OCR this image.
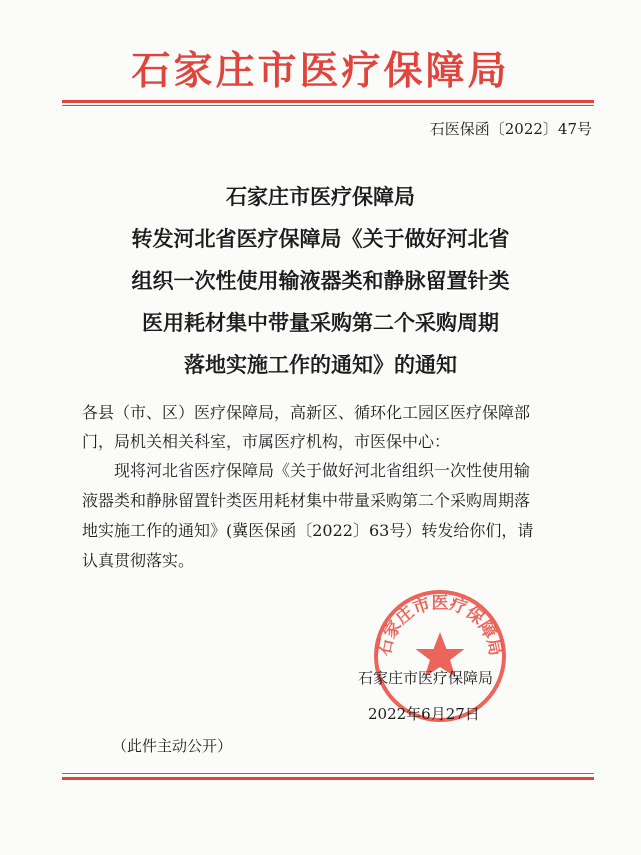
石家庄市医疗保障局
石医保函〔2022〕47号
石家庄市医疗保障局
转发河北省医疗保障局《关于做好河北省
组织一次性使用输液器类和静脉留置针类
医用耗材集中带量采购第二个采购周期
落地实施工作的通知》的通知
各县（市、区）医疗保障局，高新区、循环化工园区医疗保障部
门，局机关相关科室，市属医疗机构，市医保中心：
现将河北省医疗保障局《关于做好河北省组织一次性使用输
液器类和静脉留置针类医用耗材集中带量采购第二个采购周期落
地实施工作的通知》(冀医保函〔2022〕63号）转发给你们，请
认真贯彻落实。
石家庄市医疗保障局
石家庄市医疗保障局
2022年6月27日
（此件主动公开）
